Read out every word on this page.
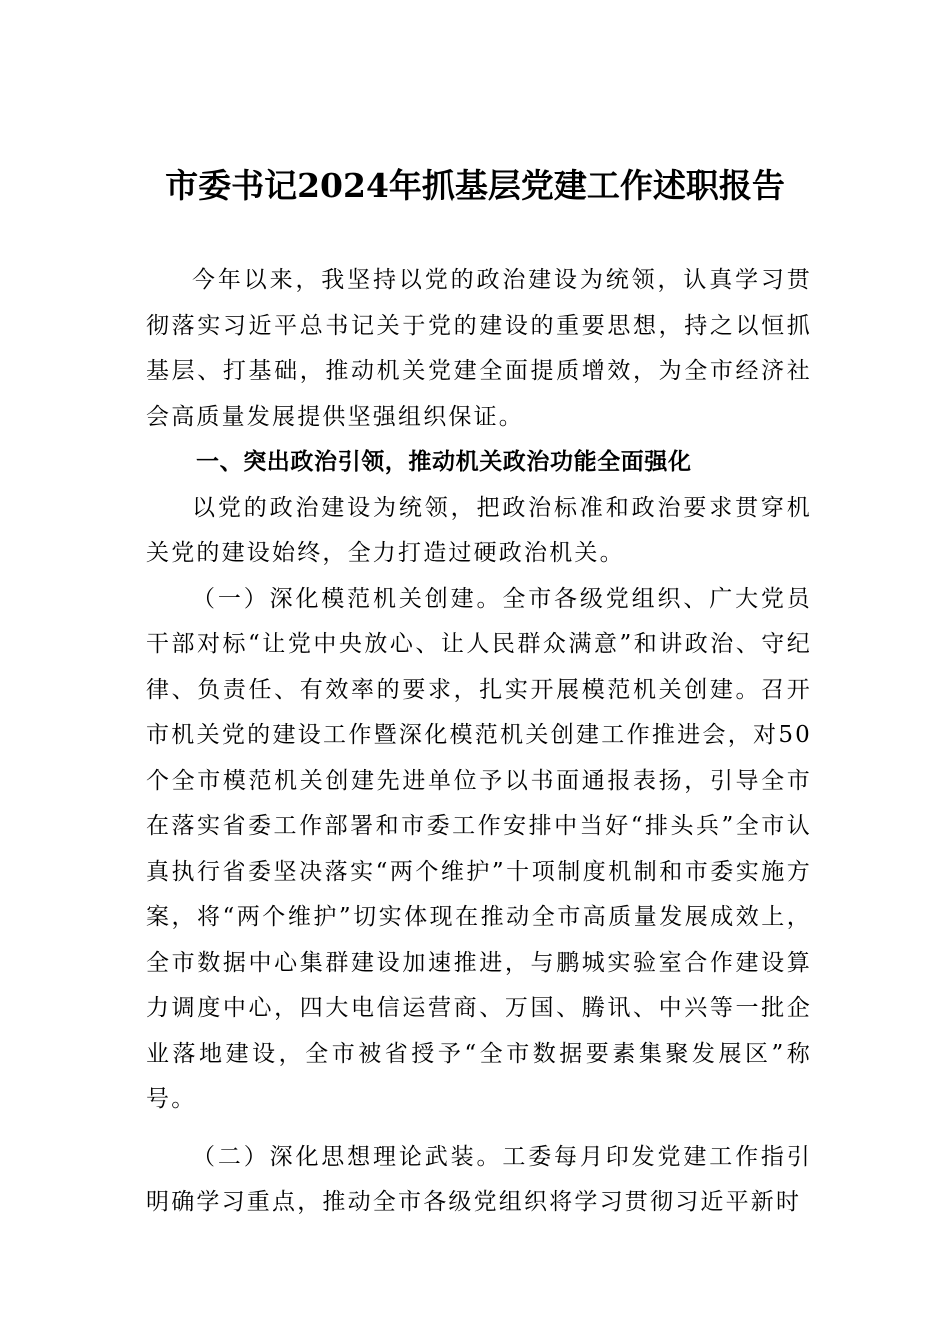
市委书记2024年抓基层党建工作述职报告

今年以来，我坚持以党的政治建设为统领，认真学习贯彻落实习近平总书记关于党的建设的重要思想，持之以恒抓基层、打基础，推动机关党建全面提质增效，为全市经济社会高质量发展提供坚强组织保证。

一、突出政治引领，推动机关政治功能全面强化

以党的政治建设为统领，把政治标准和政治要求贯穿机关党的建设始终，全力打造过硬政治机关。

（一）深化模范机关创建。全市各级党组织、广大党员干部对标“让党中央放心、让人民群众满意”和讲政治、守纪律、负责任、有效率的要求，扎实开展模范机关创建。召开市机关党的建设工作暨深化模范机关创建工作推进会，对50个全市模范机关创建先进单位予以书面通报表扬，引导全市在落实省委工作部署和市委工作安排中当好“排头兵”全市认真执行省委坚决落实“两个维护”十项制度机制和市委实施方案，将“两个维护”切实体现在推动全市高质量发展成效上，全市数据中心集群建设加速推进，与鹏城实验室合作建设算力调度中心，四大电信运营商、万国、腾讯、中兴等一批企业落地建设，全市被省授予“全市数据要素集聚发展区”称号。

（二）深化思想理论武装。工委每月印发党建工作指引明确学习重点，推动全市各级党组织将学习贯彻习近平新时
